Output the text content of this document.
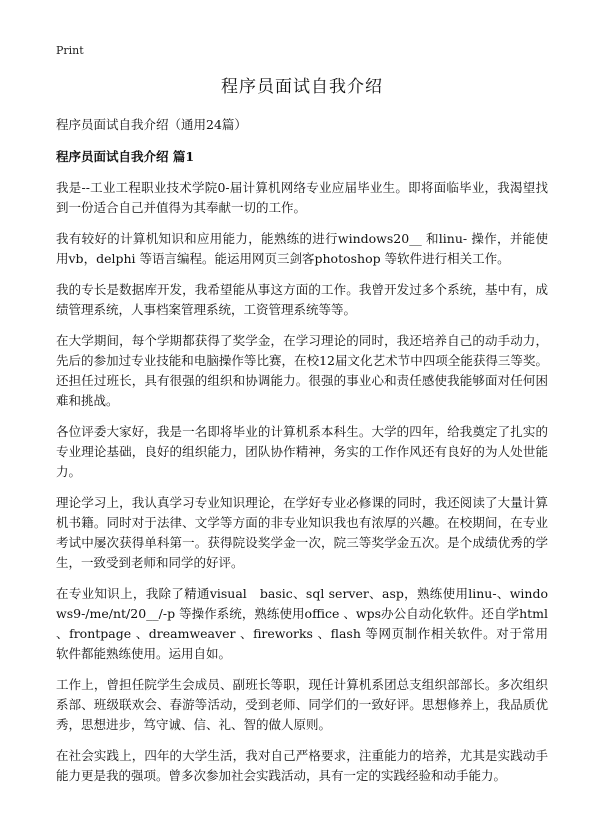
Print
程序员面试自我介绍

程序员面试自我介绍（通用24篇）

程序员面试自我介绍 篇1

我是--工业工程职业技术学院0-届计算机网络专业应届毕业生。即将面临毕业，我渴望找到一份适合自己并值得为其奉献一切的工作。

我有较好的计算机知识和应用能力，能熟练的进行windows20__ 和linu- 操作，并能使用vb，delphi 等语言编程。能运用网页三剑客photoshop 等软件进行相关工作。

我的专长是数据库开发，我希望能从事这方面的工作。我曾开发过多个系统，基中有，成绩管理系统，人事档案管理系统，工资管理系统等等。

在大学期间，每个学期都获得了奖学金，在学习理论的同时，我还培养自己的动手动力，先后的参加过专业技能和电脑操作等比赛，在校12届文化艺术节中四项全能获得三等奖。还担任过班长，具有很强的组织和协调能力。很强的事业心和责任感使我能够面对任何困难和挑战。

各位评委大家好，我是一名即将毕业的计算机系本科生。大学的四年，给我奠定了扎实的专业理论基础，良好的组织能力，团队协作精神，务实的工作作风还有良好的为人处世能力。

理论学习上，我认真学习专业知识理论，在学好专业必修课的同时，我还阅读了大量计算机书籍。同时对于法律、文学等方面的非专业知识我也有浓厚的兴趣。在校期间，在专业考试中屡次获得单科第一。获得院设奖学金一次，院三等奖学金五次。是个成绩优秀的学生，一致受到老师和同学的好评。

在专业知识上，我除了精通visual　basic、sql server、asp，熟练使用linu-、windows9-/me/nt/20__/-p 等操作系统，熟练使用office 、wps办公自动化软件。还自学html 、frontpage 、dreamweaver 、fireworks 、flash 等网页制作相关软件。对于常用软件都能熟练使用。运用自如。

工作上，曾担任院学生会成员、副班长等职，现任计算机系团总支组织部部长。多次组织系部、班级联欢会、春游等活动，受到老师、同学们的一致好评。思想修养上，我品质优秀，思想进步，笃守诚、信、礼、智的做人原则。

在社会实践上，四年的大学生活，我对自己严格要求，注重能力的培养，尤其是实践动手能力更是我的强项。曾多次参加社会实践活动，具有一定的实践经验和动手能力。
